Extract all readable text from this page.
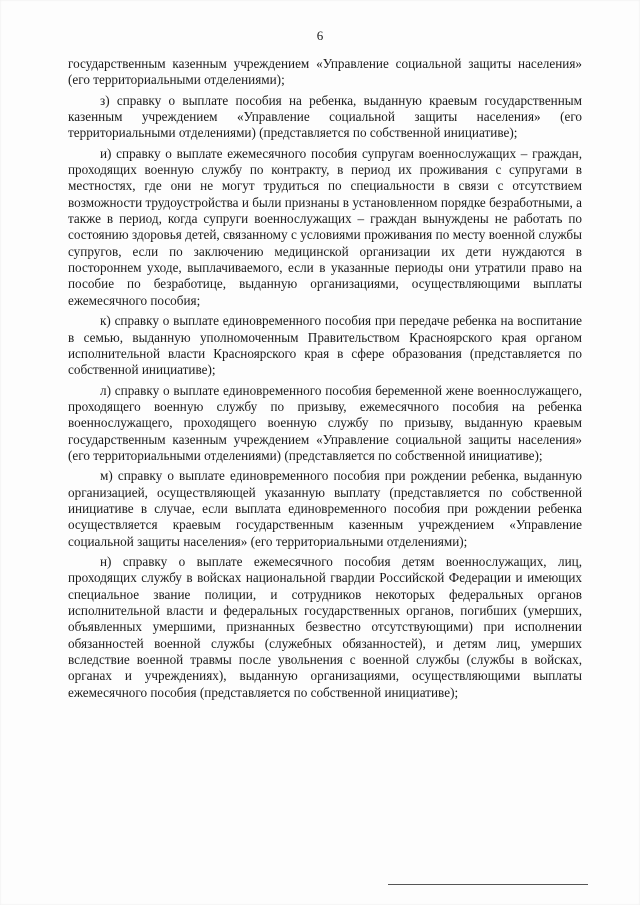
6

государственным казенным учреждением «Управление социальной защиты населения» (его территориальными отделениями);

з) справку о выплате пособия на ребенка, выданную краевым государственным казенным учреждением «Управление социальной защиты населения» (его территориальными отделениями) (представляется по собственной инициативе);

и) справку о выплате ежемесячного пособия супругам военнослужащих – граждан, проходящих военную службу по контракту, в период их проживания с супругами в местностях, где они не могут трудиться по специальности в связи с отсутствием возможности трудоустройства и были признаны в установленном порядке безработными, а также в период, когда супруги военнослужащих – граждан вынуждены не работать по состоянию здоровья детей, связанному с условиями проживания по месту военной службы супругов, если по заключению медицинской организации их дети нуждаются в постороннем уходе, выплачиваемого, если в указанные периоды они утратили право на пособие по безработице, выданную организациями, осуществляющими выплаты ежемесячного пособия;

к) справку о выплате единовременного пособия при передаче ребенка на воспитание в семью, выданную уполномоченным Правительством Красноярского края органом исполнительной власти Красноярского края в сфере образования (представляется по собственной инициативе);

л) справку о выплате единовременного пособия беременной жене военнослужащего, проходящего военную службу по призыву, ежемесячного пособия на ребенка военнослужащего, проходящего военную службу по призыву, выданную краевым государственным казенным учреждением «Управление социальной защиты населения» (его территориальными отделениями) (представляется по собственной инициативе);

м) справку о выплате единовременного пособия при рождении ребенка, выданную организацией, осуществляющей указанную выплату (представляется по собственной инициативе в случае, если выплата единовременного пособия при рождении ребенка осуществляется краевым государственным казенным учреждением «Управление социальной защиты населения» (его территориальными отделениями);

н) справку о выплате ежемесячного пособия детям военнослужащих, лиц, проходящих службу в войсках национальной гвардии Российской Федерации и имеющих специальное звание полиции, и сотрудников некоторых федеральных органов исполнительной власти и федеральных государственных органов, погибших (умерших, объявленных умершими, признанных безвестно отсутствующими) при исполнении обязанностей военной службы (служебных обязанностей), и детям лиц, умерших вследствие военной травмы после увольнения с военной службы (службы в войсках, органах и учреждениях), выданную организациями, осуществляющими выплаты ежемесячного пособия (представляется по собственной инициативе);
